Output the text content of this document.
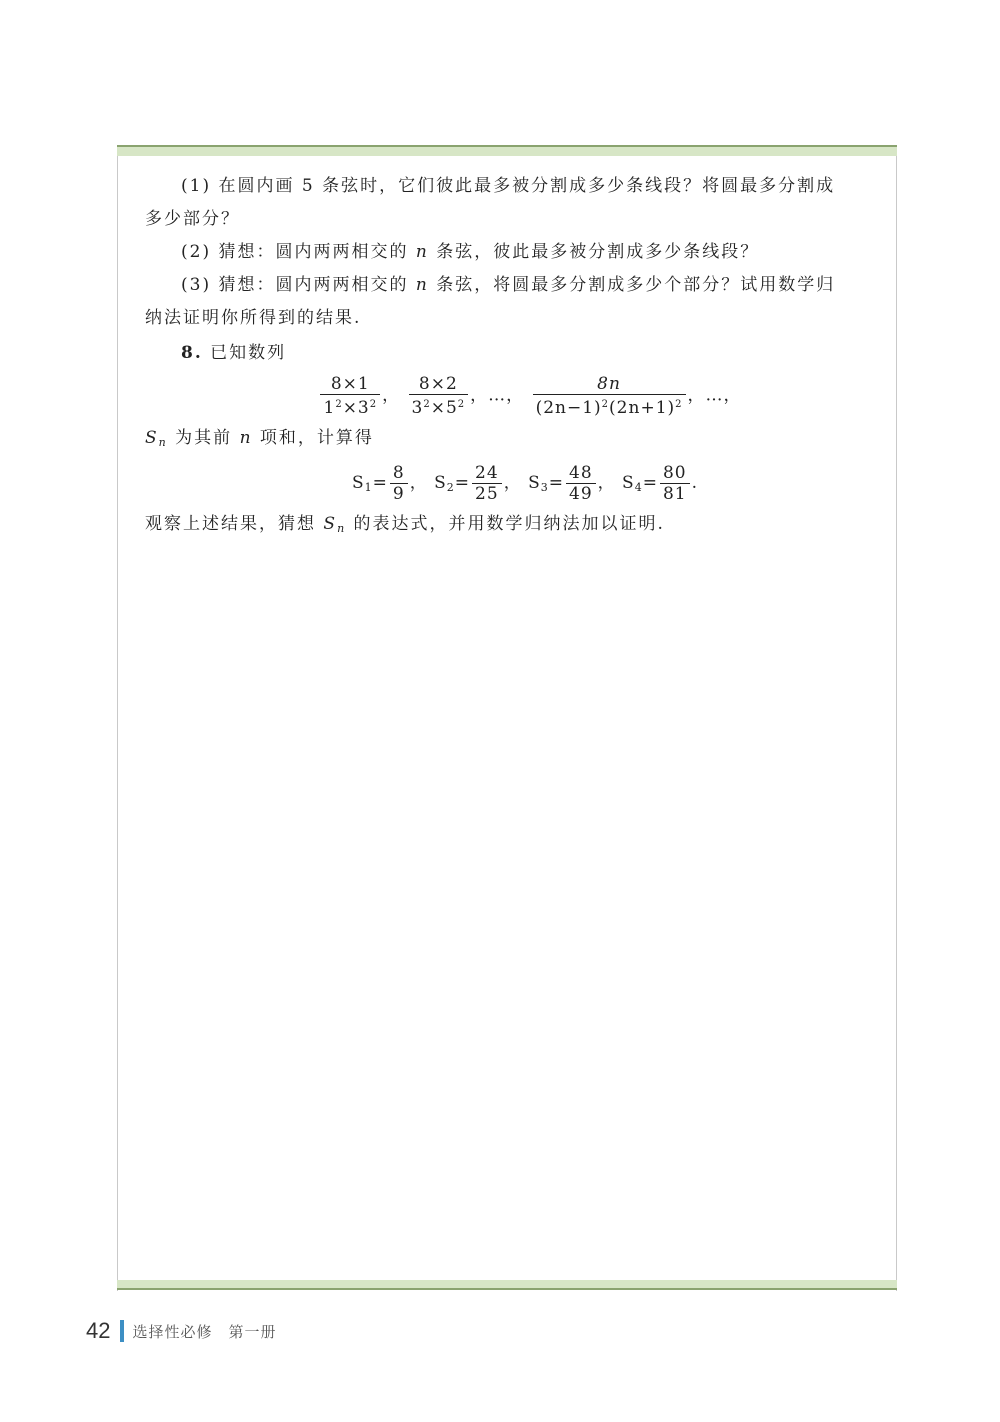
(1) 在圆内画 5 条弦时，它们彼此最多被分割成多少条线段？将圆最多分割成

多少部分？

(2) 猜想：圆内两两相交的 n 条弦，彼此最多被分割成多少条线段？

(3) 猜想：圆内两两相交的 n 条弦，将圆最多分割成多少个部分？试用数学归

纳法证明你所得到的结果.

8. 已知数列

$\frac{8\times 1}{1^2\times 3^2}$ ， $\frac{8\times 2}{3^2\times 5^2}$ ，…， $\frac{8n}{(2n-1)^2(2n+1)^2}$ ，…，

$S_n$ 为其前 n 项和，计算得

$S_1= \frac{8}{9}$ ， $S_2= \frac{24}{25}$ ， $S_3= \frac{48}{49}$ ， $S_4= \frac{80}{81}$ .

观察上述结果，猜想 $S_n$ 的表达式，并用数学归纳法加以证明.

42 选择性必修　第一册
